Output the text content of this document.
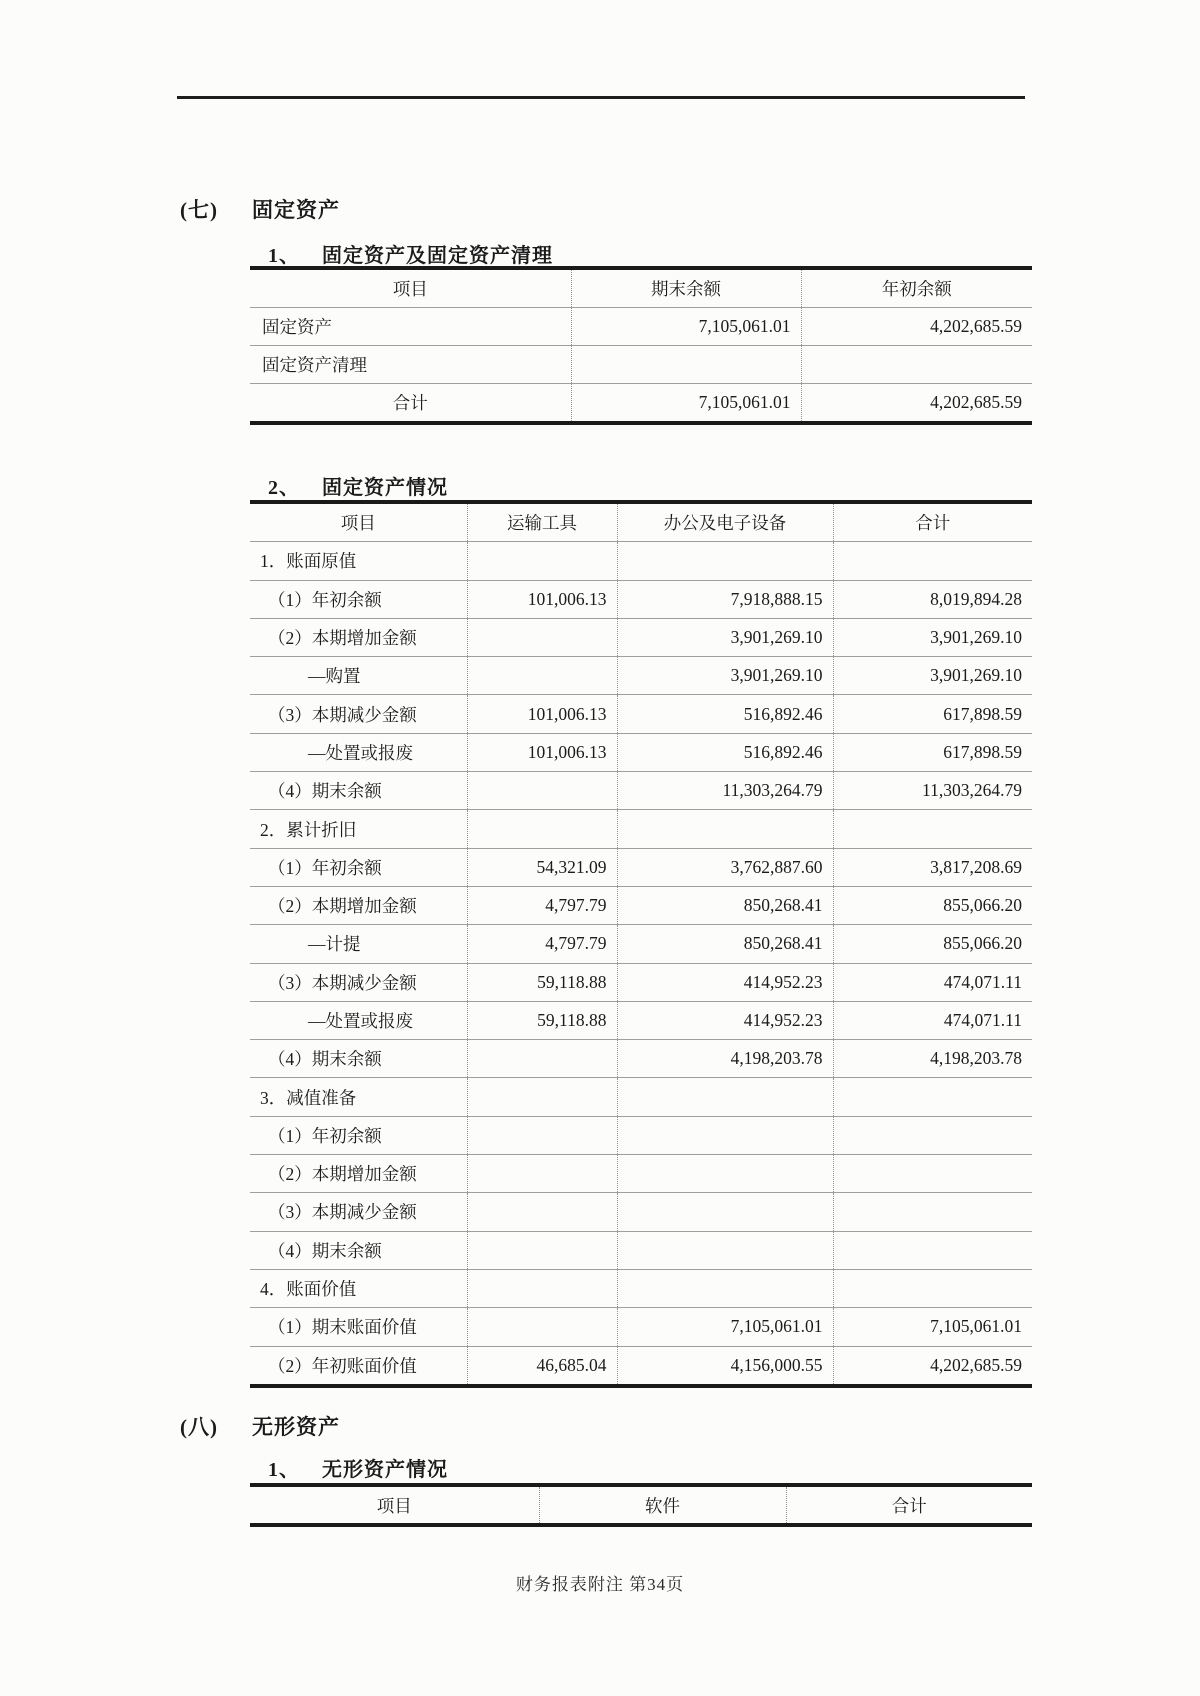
(七)	固定资产
1、	固定资产及固定资产清理
项目	期末余额	年初余额
固定资产	7,105,061.01	4,202,685.59
固定资产清理		
合计	7,105,061.01	4,202,685.59
2、	固定资产情况
项目	运输工具	办公及电子设备	合计
1．账面原值			
（1）年初余额	101,006.13	7,918,888.15	8,019,894.28
（2）本期增加金额		3,901,269.10	3,901,269.10
—购置		3,901,269.10	3,901,269.10
（3）本期减少金额	101,006.13	516,892.46	617,898.59
—处置或报废	101,006.13	516,892.46	617,898.59
（4）期末余额		11,303,264.79	11,303,264.79
2．累计折旧			
（1）年初余额	54,321.09	3,762,887.60	3,817,208.69
（2）本期增加金额	4,797.79	850,268.41	855,066.20
—计提	4,797.79	850,268.41	855,066.20
（3）本期减少金额	59,118.88	414,952.23	474,071.11
—处置或报废	59,118.88	414,952.23	474,071.11
（4）期末余额		4,198,203.78	4,198,203.78
3．减值准备			
（1）年初余额			
（2）本期增加金额			
（3）本期减少金额			
（4）期末余额			
4．账面价值			
（1）期末账面价值		7,105,061.01	7,105,061.01
（2）年初账面价值	46,685.04	4,156,000.55	4,202,685.59
(八)	无形资产
1、	无形资产情况
项目	软件	合计
财务报表附注 第34页
